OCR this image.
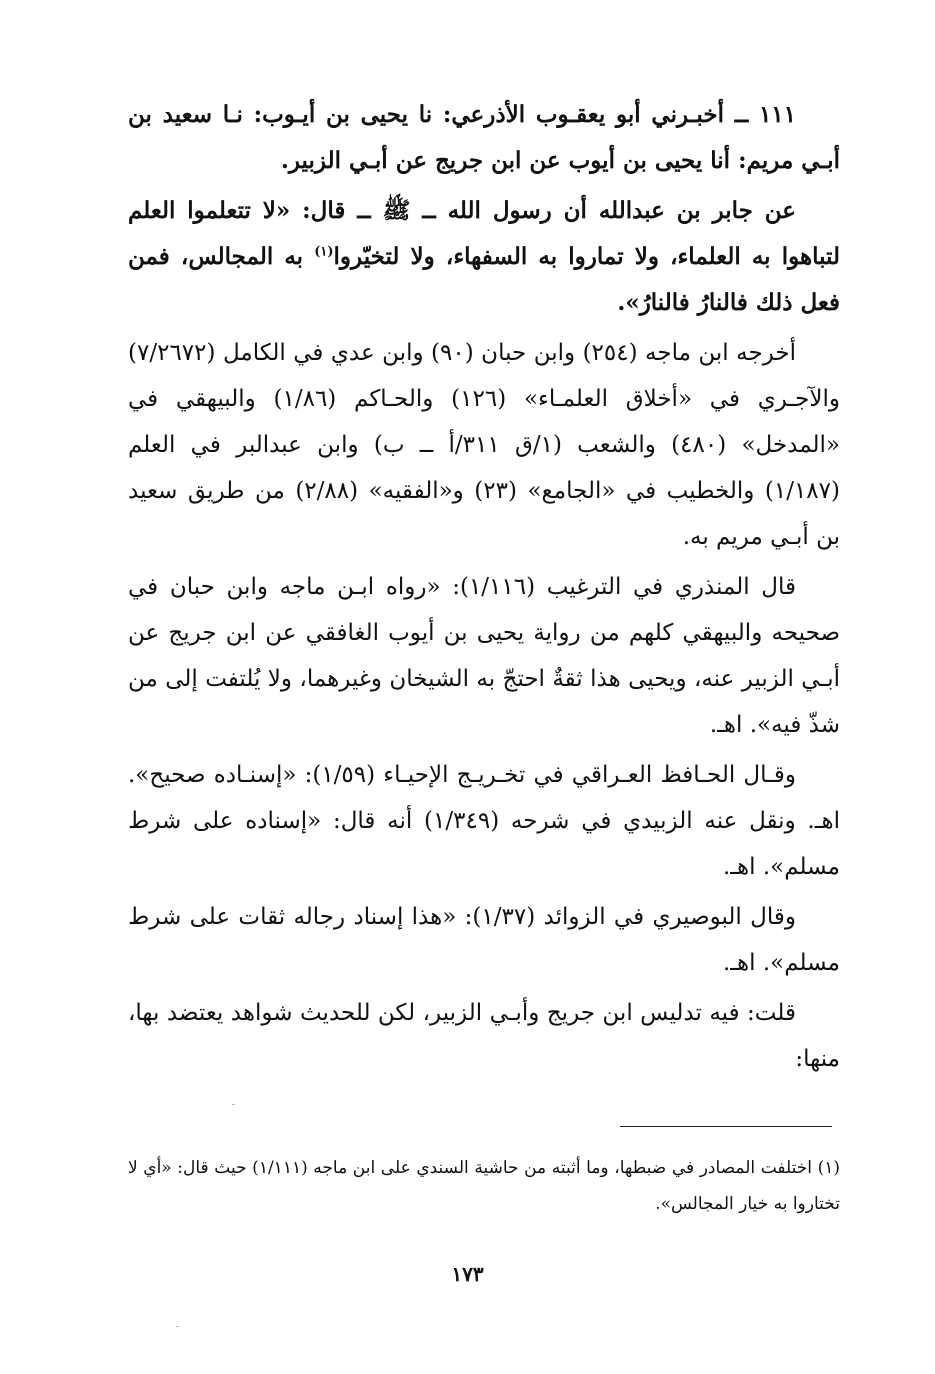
١١١ ــ أخبـرني أبو يعقـوب الأذرعي: نا يحيى بن أيـوب: نـا سعيد بن أبـي مريم: أنا يحيى بن أيوب عن ابن جريج عن أبـي الزبير.

عن جابر بن عبدالله أن رسول الله ــ ﷺ ــ قال: «لا تتعلموا العلم لتباهوا به العلماء، ولا تماروا به السفهاء، ولا لتخيّروا$^{(١)}$ به المجالس، فمن فعل ذلك فالنارُ فالنارُ».

أخرجه ابن ماجه (٢٥٤) وابن حبان (٩٠) وابن عدي في الكامل (٧/٢٦٧٢) والآجـري في «أخلاق العلمـاء» (١٢٦) والحـاكم (١/٨٦) والبيهقي في «المدخل» (٤٨٠) والشعب (١/ق ٣١١/أ ــ ب) وابن عبدالبر في العلم (١/١٨٧) والخطيب في «الجامع» (٢٣) و«الفقيه» (٢/٨٨) من طريق سعيد بن أبـي مريم به.

قال المنذري في الترغيب (١/١١٦): «رواه ابـن ماجه وابن حبان في صحيحه والبيهقي كلهم من رواية يحيى بن أيوب الغافقي عن ابن جريج عن أبـي الزبير عنه، ويحيى هذا ثقةٌ احتجّ به الشيخان وغيرهما، ولا يُلتفت إلى من شذّ فيه». اهـ.

وقـال الحـافظ العـراقي في تخـريـج الإحيـاء (١/٥٩): «إسنـاده صحيح». اهـ. ونقل عنه الزبيدي في شرحه (١/٣٤٩) أنه قال: «إسناده على شرط مسلم». اهـ.

وقال البوصيري في الزوائد (١/٣٧): «هذا إسناد رجاله ثقات على شرط مسلم». اهـ.

قلت: فيه تدليس ابن جريج وأبـي الزبير، لكن للحديث شواهد يعتضد بها، منها:

(١) اختلفت المصادر في ضبطها، وما أثبته من حاشية السندي على ابن ماجه (١/١١١) حيث قال: «أي لا تختاروا به خيار المجالس».
١٧٣
